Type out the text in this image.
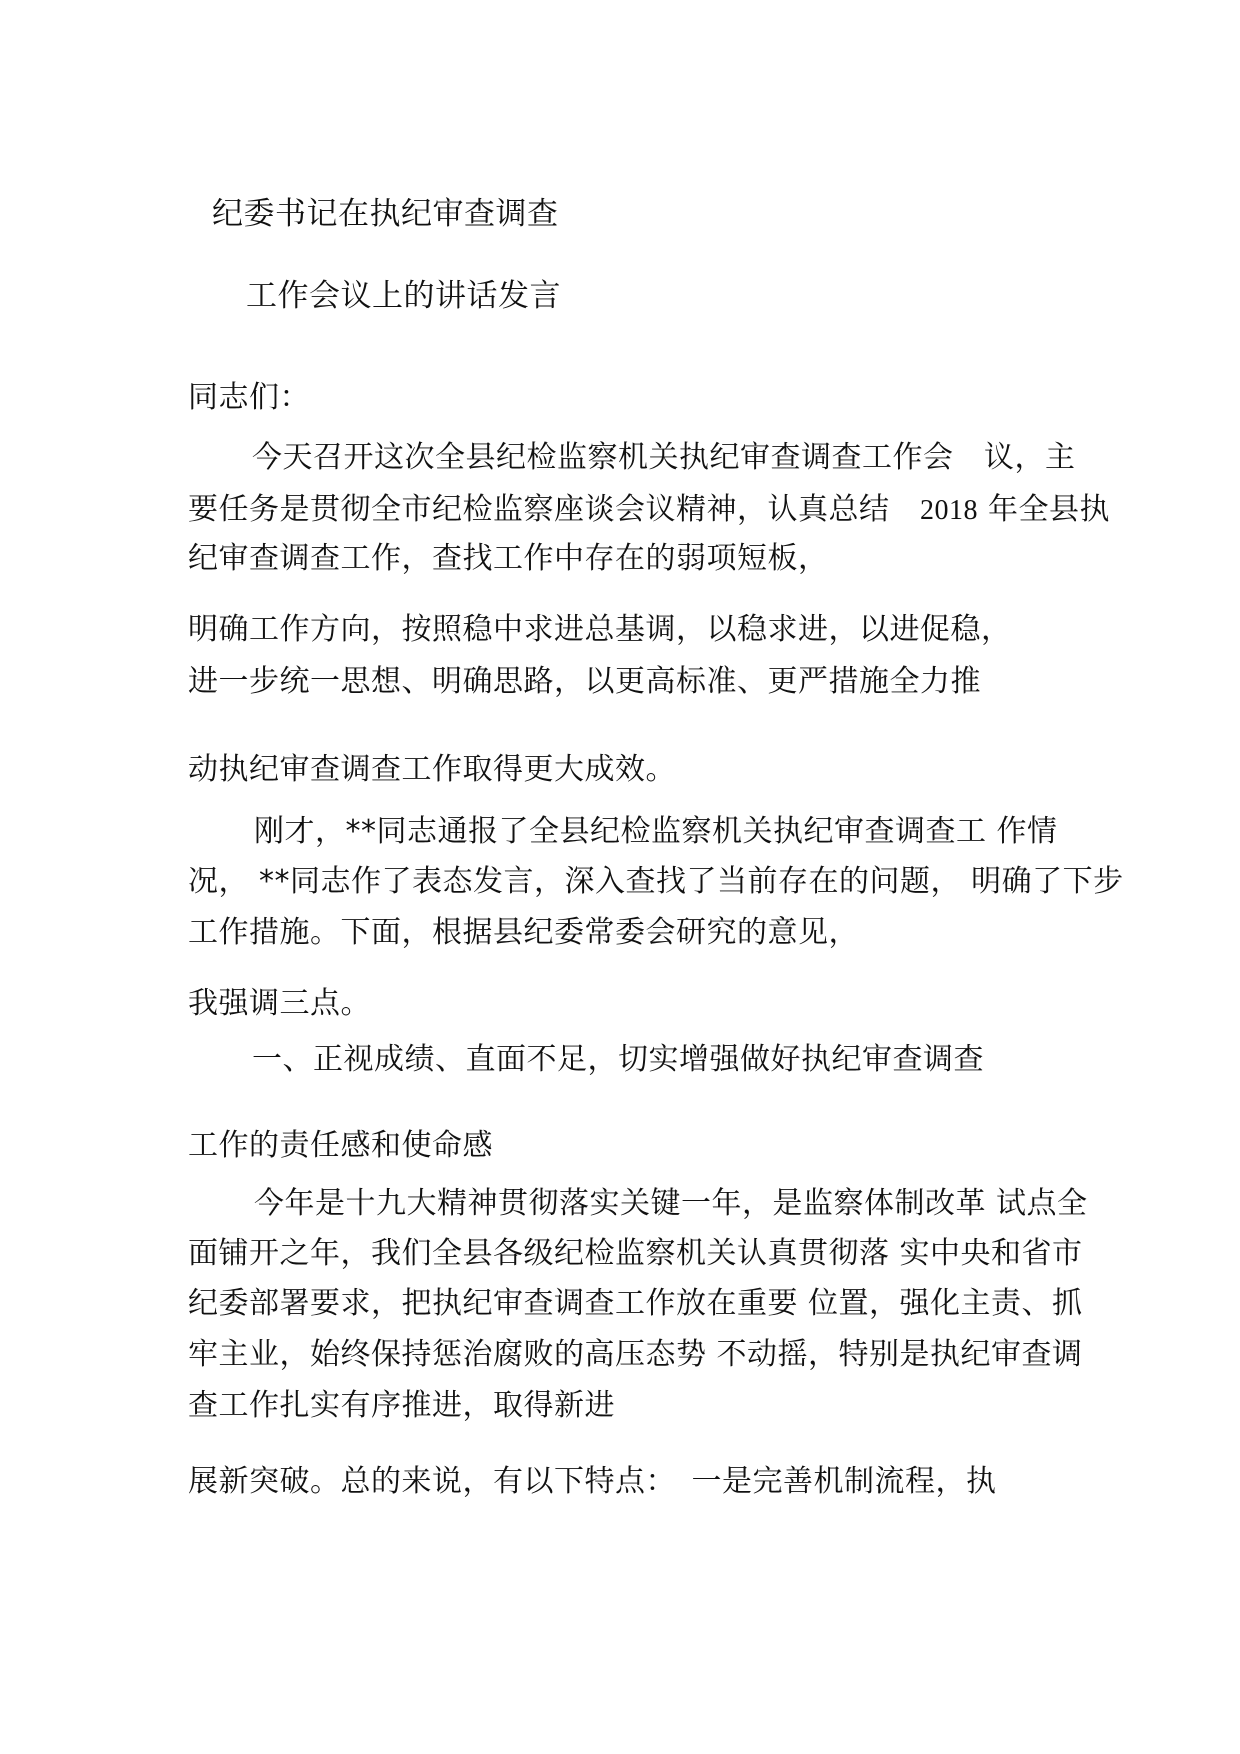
纪委书记在执纪审查调查
工作会议上的讲话发言
同志们：
今天召开这次全县纪检监察机关执纪审查调查工作会　议，主
要任务是贯彻全市纪检监察座谈会议精神，认真总结　2018 年全县执
纪审查调查工作，查找工作中存在的弱项短板，
明确工作方向，按照稳中求进总基调，以稳求进，以进促稳，
进一步统一思想、明确思路，以更高标准、更严措施全力推
动执纪审查调查工作取得更大成效。
刚才，**同志通报了全县纪检监察机关执纪审查调查工 作情
况， **同志作了表态发言，深入查找了当前存在的问题， 明确了下步
工作措施。下面，根据县纪委常委会研究的意见，
我强调三点。
一、正视成绩、直面不足，切实增强做好执纪审查调查
工作的责任感和使命感
今年是十九大精神贯彻落实关键一年，是监察体制改革 试点全
面铺开之年，我们全县各级纪检监察机关认真贯彻落 实中央和省市
纪委部署要求，把执纪审查调查工作放在重要 位置，强化主责、抓
牢主业，始终保持惩治腐败的高压态势 不动摇，特别是执纪审查调
查工作扎实有序推进，取得新进
展新突破。总的来说，有以下特点：　一是完善机制流程，执
